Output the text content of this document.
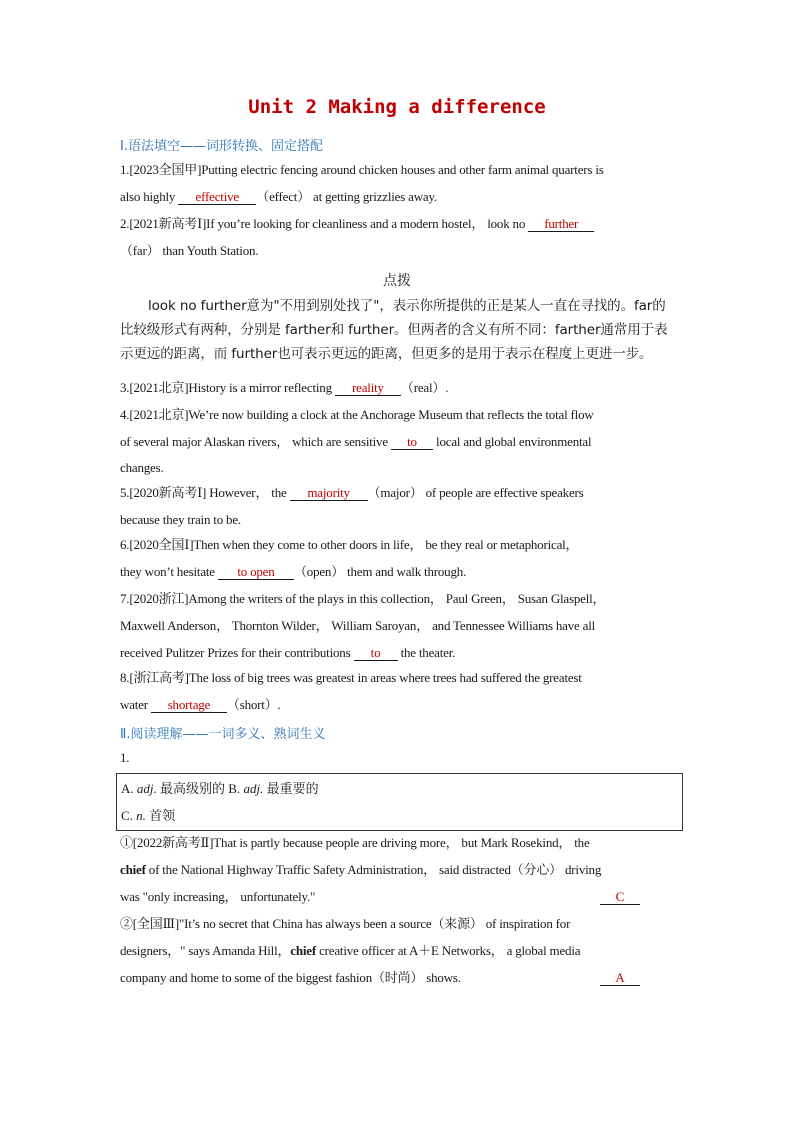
Unit 2 Making a difference
Ⅰ.语法填空——词形转换、固定搭配
1.[2023全国甲]Putting electric fencing around chicken houses and other farm animal quarters is
also highly effective （effect） at getting grizzlies away.
2.[2021新高考Ⅰ]If you’re looking for cleanliness and a modern hostel， look no further
（far） than Youth Station.
点拨
look no further意为"不用到别处找了"，表示你所提供的正是某人一直在寻找的。far的
比较级形式有两种，分别是 farther和 further。但两者的含义有所不同：farther通常用于表
示更远的距离，而 further也可表示更远的距离，但更多的是用于表示在程度上更进一步。
3.[2021北京]History is a mirror reflecting reality （real）.
4.[2021北京]We’re now building a clock at the Anchorage Museum that reflects the total flow
of several major Alaskan rivers， which are sensitive to local and global environmental
changes.
5.[2020新高考Ⅰ] However， the majority （major） of people are effective speakers
because they train to be.
6.[2020全国Ⅰ]Then when they come to other doors in life， be they real or metaphorical，
they won’t hesitate to open （open） them and walk through.
7.[2020浙江]Among the writers of the plays in this collection， Paul Green， Susan Glaspell，
Maxwell Anderson， Thornton Wilder， William Saroyan， and Tennessee Williams have all
received Pulitzer Prizes for their contributions to the theater.
8.[浙江高考]The loss of big trees was greatest in areas where trees had suffered the greatest
water shortage （short）.
Ⅱ.阅读理解——一词多义、熟词生义
1.
A. adj. 最高级别的 B. adj. 最重要的
C. n. 首领
①[2022新高考Ⅱ]That is partly because people are driving more， but Mark Rosekind， the
chief of the National Highway Traffic Safety Administration， said distracted（分心） driving
was "only increasing， unfortunately."	C
②[全国Ⅲ]"It’s no secret that China has always been a source（来源） of inspiration for
designers，" says Amanda Hill，chief creative officer at A＋E Networks， a global media
company and home to some of the biggest fashion（时尚） shows.	A
